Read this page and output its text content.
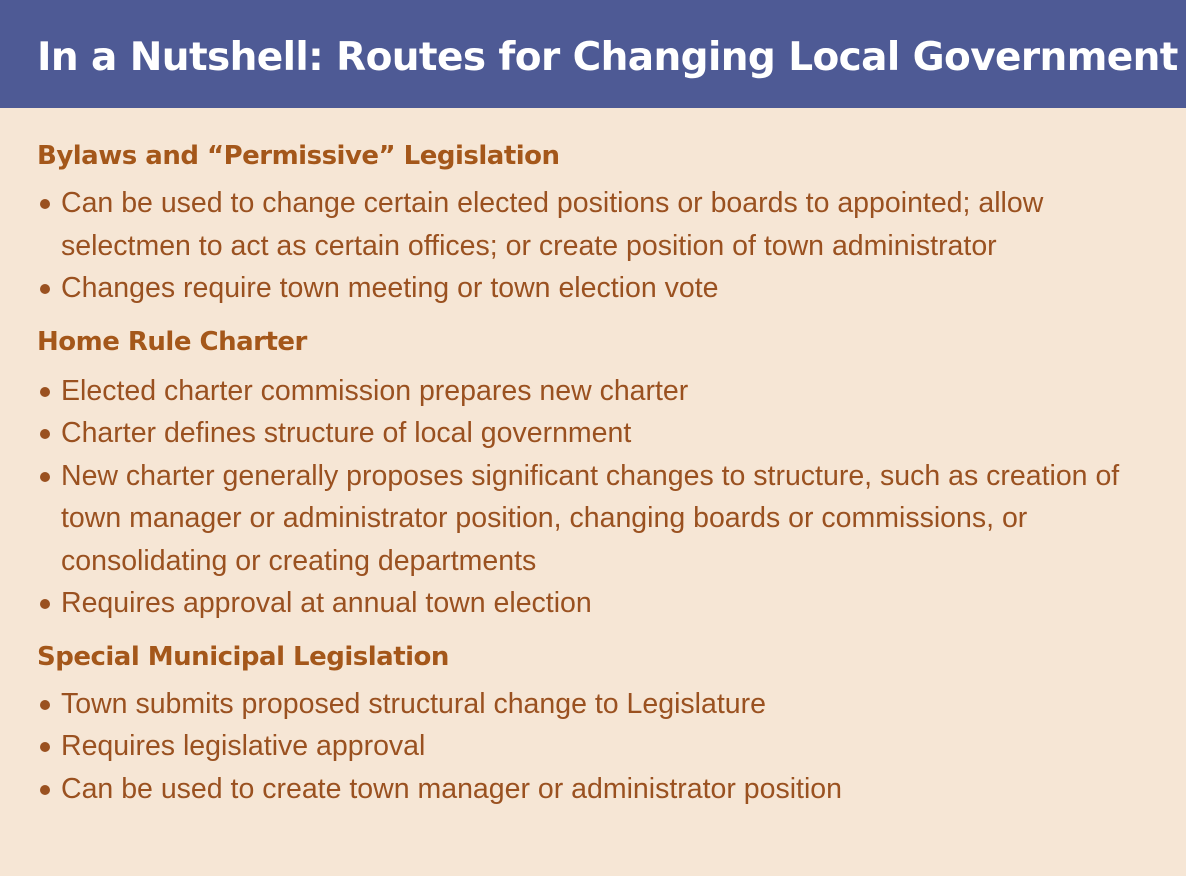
In a Nutshell: Routes for Changing Local Government
Bylaws and “Permissive” Legislation
Can be used to change certain elected positions or boards to appointed; allow selectmen to act as certain offices; or create position of town administrator
Changes require town meeting or town election vote
Home Rule Charter
Elected charter commission prepares new charter
Charter defines structure of local government
New charter generally proposes significant changes to structure, such as creation of town manager or administrator position, changing boards or commissions, or consolidating or creating departments
Requires approval at annual town election
Special Municipal Legislation
Town submits proposed structural change to Legislature
Requires legislative approval
Can be used to create town manager or administrator position
